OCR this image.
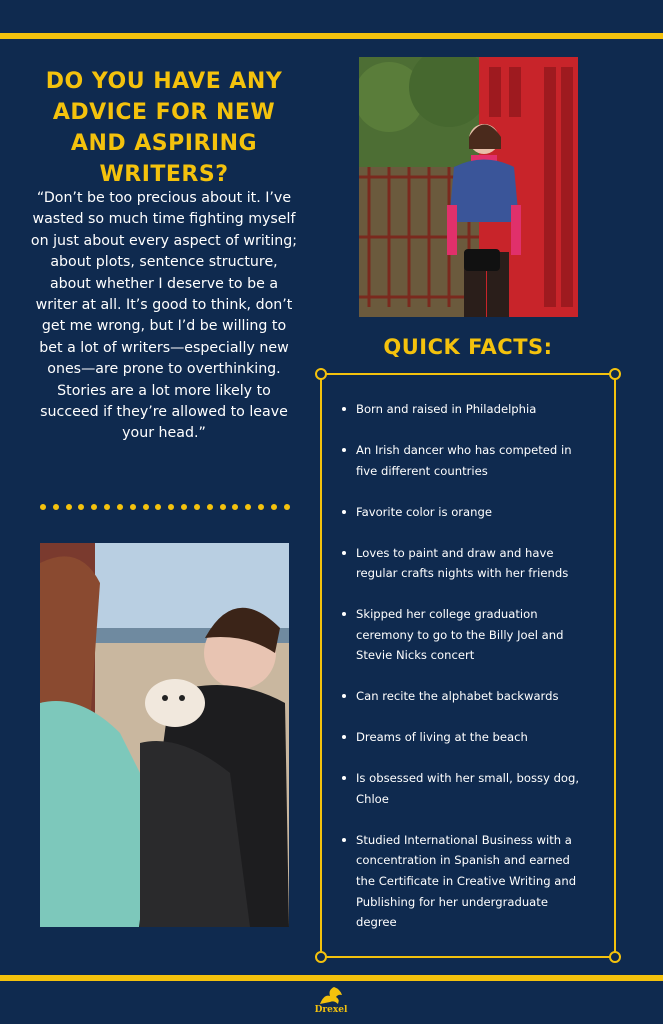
DO YOU HAVE ANY ADVICE FOR NEW AND ASPIRING WRITERS?

“Don’t be too precious about it. I’ve wasted so much time fighting myself on just about every aspect of writing; about plots, sentence structure, about whether I deserve to be a writer at all. It’s good to think, don’t get me wrong, but I’d be willing to bet a lot of writers—especially new ones—are prone to overthinking. Stories are a lot more likely to succeed if they’re allowed to leave your head.”

QUICK FACTS:
Born and raised in Philadelphia
An Irish dancer who has competed in five different countries
Favorite color is orange
Loves to paint and draw and have regular crafts nights with her friends
Skipped her college graduation ceremony to go to the Billy Joel and Stevie Nicks concert
Can recite the alphabet backwards
Dreams of living at the beach
Is obsessed with her small, bossy dog, Chloe
Studied International Business with a concentration in Spanish and earned the Certificate in Creative Writing and Publishing for her undergraduate degree
Drexel
